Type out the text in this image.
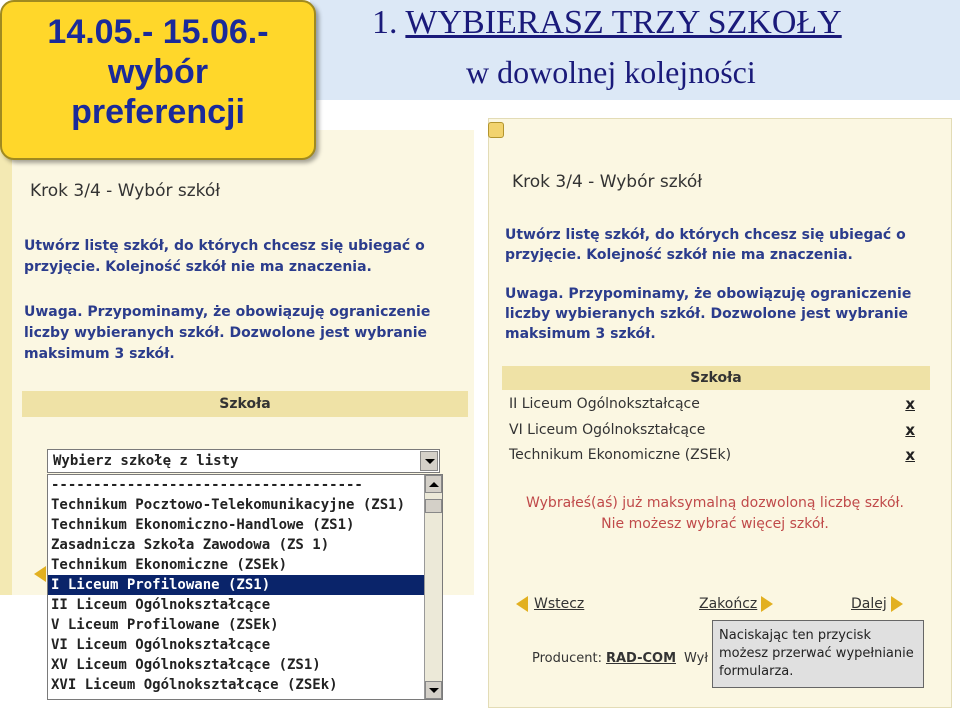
1. WYBIERASZ TRZY SZKOŁY
w dowolnej kolejności
14.05.- 15.06.-
wybór
preferencji
Krok 3/4 - Wybór szkół
Utwórz listę szkół, do których chcesz się ubiegać o
przyjęcie. Kolejność szkół nie ma znaczenia.
Uwaga. Przypominamy, że obowiązuję ograniczenie
liczby wybieranych szkół. Dozwolone jest wybranie
maksimum 3 szkół.
Szkoła
Wybierz szkołę z listy
-------------------------------------
Technikum Pocztowo-Telekomunikacyjne (ZS1)
Technikum Ekonomiczno-Handlowe (ZS1)
Zasadnicza Szkoła Zawodowa (ZS 1)
Technikum Ekonomiczne (ZSEk)
I Liceum Profilowane (ZS1)
II Liceum Ogólnokształcące
V Liceum Profilowane (ZSEk)
VI Liceum Ogólnokształcące
XV Liceum Ogólnokształcące (ZS1)
XVI Liceum Ogólnokształcące (ZSEk)
Krok 3/4 - Wybór szkół
Utwórz listę szkół, do których chcesz się ubiegać o
przyjęcie. Kolejność szkół nie ma znaczenia.
Uwaga. Przypominamy, że obowiązuję ograniczenie
liczby wybieranych szkół. Dozwolone jest wybranie
maksimum 3 szkół.
Szkoła
II Liceum Ogólnokształcące	x
VI Liceum Ogólnokształcące	x
Technikum Ekonomiczne (ZSEk)	x
Wybrałeś(aś) już maksymalną dozwoloną liczbę szkół.
Nie możesz wybrać więcej szkół.
Wstecz	Zakończ	Dalej
Producent: RAD-COM Wył
Naciskając ten przycisk
możesz przerwać wypełnianie
formularza.
